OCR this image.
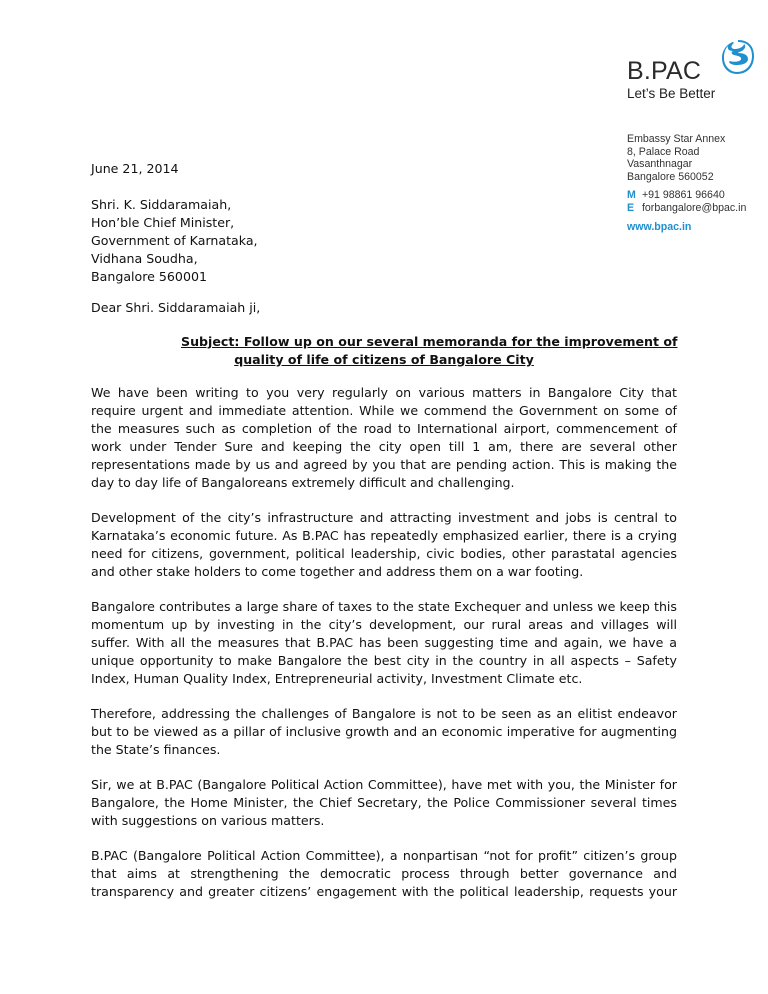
B.PAC
Let’s Be Better
Embassy Star Annex
8, Palace Road
Vasanthnagar
Bangalore 560052
M +91 98861 96640
E forbangalore@bpac.in
www.bpac.in
June 21, 2014
Shri. K. Siddaramaiah,
Hon’ble Chief Minister,
Government of Karnataka,
Vidhana Soudha,
Bangalore 560001
Dear Shri. Siddaramaiah ji,
Subject: Follow up on our several memoranda for the improvement of
quality of life of citizens of Bangalore City

We have been writing to you very regularly on various matters in Bangalore City that require urgent and immediate attention. While we commend the Government on some of the measures such as completion of the road to International airport, commencement of work under Tender Sure and keeping the city open till 1 am, there are several other representations made by us and agreed by you that are pending action. This is making the day to day life of Bangaloreans extremely difficult and challenging.

Development of the city’s infrastructure and attracting investment and jobs is central to Karnataka’s economic future. As B.PAC has repeatedly emphasized earlier, there is a crying need for citizens, government, political leadership, civic bodies, other parastatal agencies and other stake holders to come together and address them on a war footing.

Bangalore contributes a large share of taxes to the state Exchequer and unless we keep this momentum up by investing in the city’s development, our rural areas and villages will suffer. With all the measures that B.PAC has been suggesting time and again, we have a unique opportunity to make Bangalore the best city in the country in all aspects – Safety Index, Human Quality Index, Entrepreneurial activity, Investment Climate etc.

Therefore, addressing the challenges of Bangalore is not to be seen as an elitist endeavor but to be viewed as a pillar of inclusive growth and an economic imperative for augmenting the State’s finances.

Sir, we at B.PAC (Bangalore Political Action Committee), have met with you, the Minister for Bangalore, the Home Minister, the Chief Secretary, the Police Commissioner several times with suggestions on various matters.

B.PAC (Bangalore Political Action Committee), a nonpartisan “not for profit” citizen’s group that aims at strengthening the democratic process through better governance and transparency and greater citizens’ engagement with the political leadership, requests your
